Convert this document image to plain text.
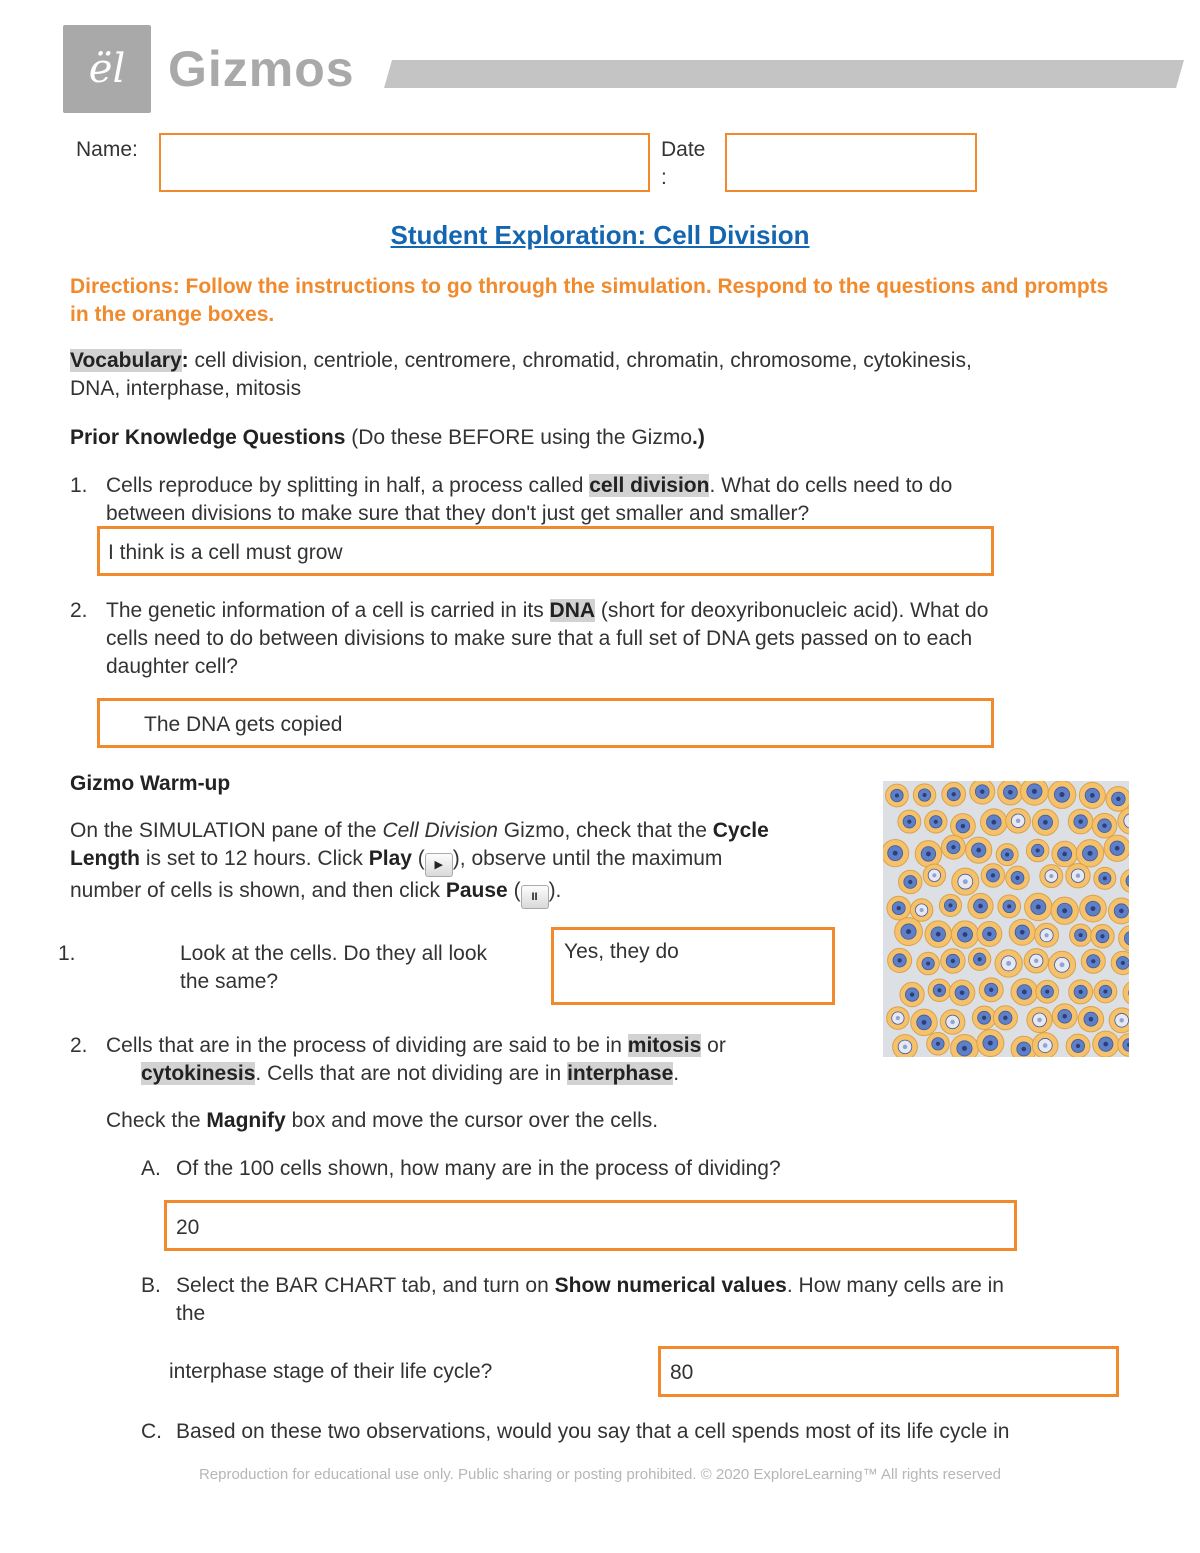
ël Gizmos
Name:	Date
:
Student Exploration: Cell Division
Directions: Follow the instructions to go through the simulation. Respond to the questions and prompts in the orange boxes.
Vocabulary: cell division, centriole, centromere, chromatid, chromatin, chromosome, cytokinesis,
DNA, interphase, mitosis
Prior Knowledge Questions (Do these BEFORE using the Gizmo.)
1. Cells reproduce by splitting in half, a process called cell division. What do cells need to do
between divisions to make sure that they don't just get smaller and smaller?
I think is a cell must grow
2. The genetic information of a cell is carried in its DNA (short for deoxyribonucleic acid). What do
cells need to do between divisions to make sure that a full set of DNA gets passed on to each
daughter cell?
The DNA gets copied
Gizmo Warm-up
On the SIMULATION pane of the Cell Division Gizmo, check that the Cycle
Length is set to 12 hours. Click Play ( ▶ ), observe until the maximum
number of cells is shown, and then click Pause ( II ).
1.	Look at the cells. Do they all look
the same?
Yes, they do
2. Cells that are in the process of dividing are said to be in mitosis or
cytokinesis. Cells that are not dividing are in interphase.
Check the Magnify box and move the cursor over the cells.
A. Of the 100 cells shown, how many are in the process of dividing?
20
B. Select the BAR CHART tab, and turn on Show numerical values. How many cells are in
the
interphase stage of their life cycle?	80
C. Based on these two observations, would you say that a cell spends most of its life cycle in
Reproduction for educational use only. Public sharing or posting prohibited. © 2020 ExploreLearning™ All rights reserved
